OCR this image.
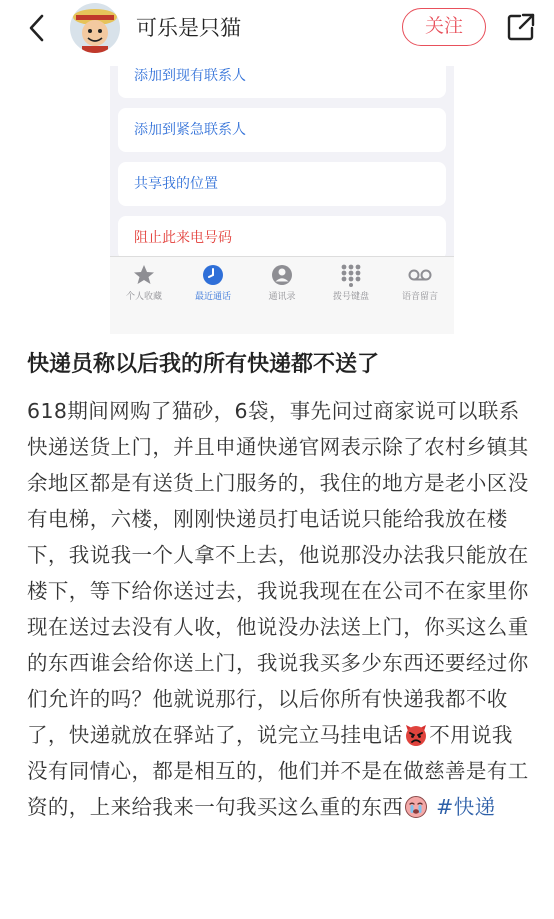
可乐是只猫	关注
添加到现有联系人
添加到紧急联系人
共享我的位置
阻止此来电号码
个人收藏	最近通话	通讯录	拨号键盘	语音留言
快递员称以后我的所有快递都不送了
618期间网购了猫砂，6袋，事先问过商家说可以联系快递送货上门，并且申通快递官网表示除了农村乡镇其余地区都是有送货上门服务的，我住的地方是老小区没有电梯，六楼，刚刚快递员打电话说只能给我放在楼下，我说我一个人拿不上去，他说那没办法我只能放在楼下，等下给你送过去，我说我现在在公司不在家里你现在送过去没有人收，他说没办法送上门，你买这么重的东西谁会给你送上门，我说我买多少东西还要经过你们允许的吗？他就说那行，以后你所有快递我都不收了，快递就放在驿站了，说完立马挂电话 不用说我没有同情心，都是相互的，他们并不是在做慈善是有工资的，上来给我来一句我买这么重的东西 #快递
